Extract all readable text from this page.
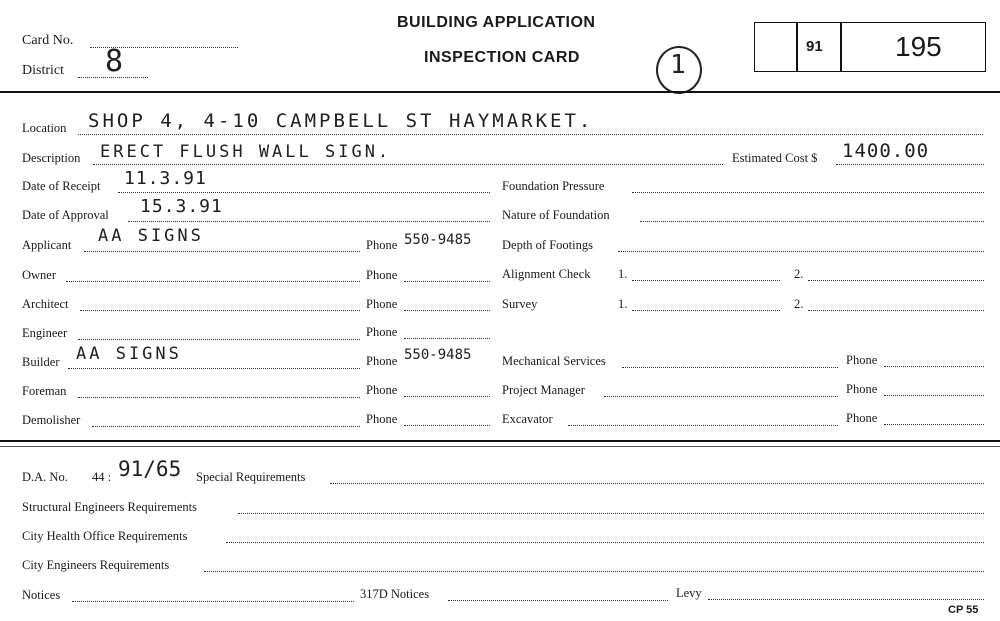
Card No.
District 8
BUILDING APPLICATION
INSPECTION CARD	1
91	195
Location SHOP 4, 4-10 CAMPBELL ST HAYMARKET.
Description ERECT FLUSH WALL SIGN.	Estimated Cost $ 1400.00
Date of Receipt 11.3.91	Foundation Pressure
Date of Approval 15.3.91	Nature of Foundation
Applicant AA SIGNS	Phone 550-9485 Depth of Footings
Owner	Phone	Alignment Check 1.	2.
Architect	Phone	Survey	1.	2.
Engineer	Phone
Builder AA SIGNS	Phone 550-9485 Mechanical Services	Phone
Foreman	Phone	Project Manager	Phone
Demolisher	Phone	Excavator	Phone
D.A. No. 44 : 91/65 Special Requirements
Structural Engineers Requirements
City Health Office Requirements
City Engineers Requirements
Notices	317D Notices	Levy
CP 55
